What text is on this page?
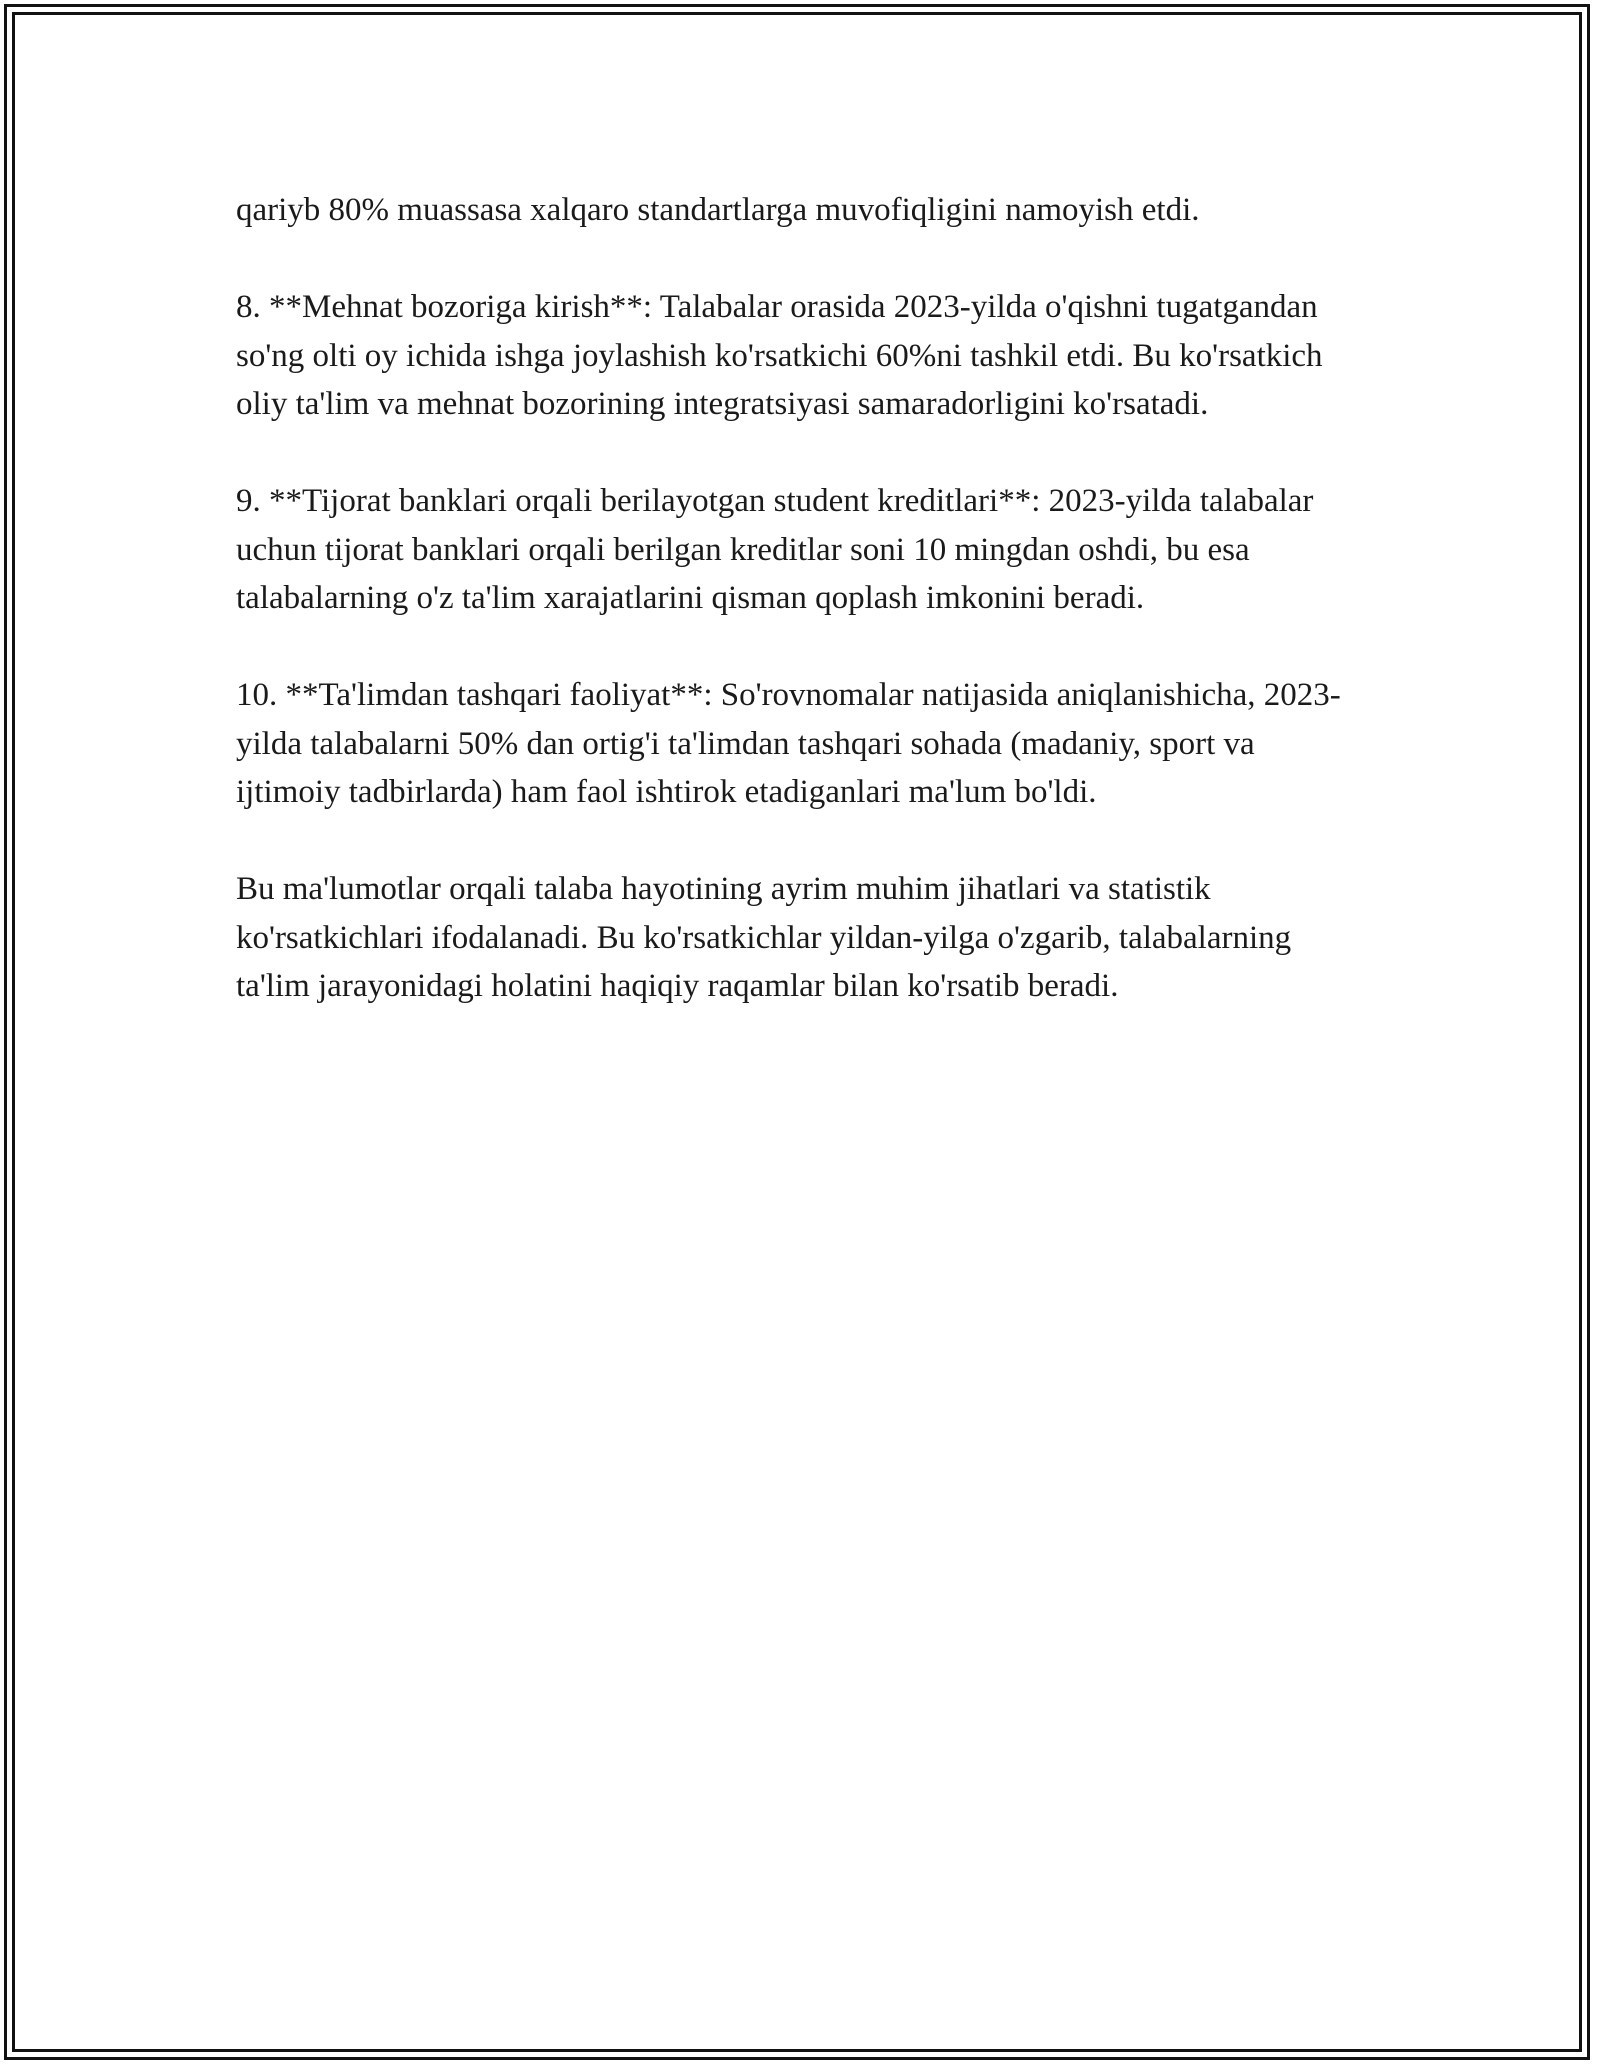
qariyb 80% muassasa xalqaro standartlarga muvofiqligini namoyish etdi.

8. **Mehnat bozoriga kirish**: Talabalar orasida 2023-yilda o'qishni tugatgandan so'ng olti oy ichida ishga joylashish ko'rsatkichi 60%ni tashkil etdi. Bu ko'rsatkich oliy ta'lim va mehnat bozorining integratsiyasi samaradorligini ko'rsatadi.

9. **Tijorat banklari orqali berilayotgan student kreditlari**: 2023-yilda talabalar uchun tijorat banklari orqali berilgan kreditlar soni 10 mingdan oshdi, bu esa talabalarning o'z ta'lim xarajatlarini qisman qoplash imkonini beradi.

10. **Ta'limdan tashqari faoliyat**: So'rovnomalar natijasida aniqlanishicha, 2023-yilda talabalarni 50% dan ortig'i ta'limdan tashqari sohada (madaniy, sport va ijtimoiy tadbirlarda) ham faol ishtirok etadiganlari ma'lum bo'ldi.

Bu ma'lumotlar orqali talaba hayotining ayrim muhim jihatlari va statistik ko'rsatkichlari ifodalanadi. Bu ko'rsatkichlar yildan-yilga o'zgarib, talabalarning ta'lim jarayonidagi holatini haqiqiy raqamlar bilan ko'rsatib beradi.
